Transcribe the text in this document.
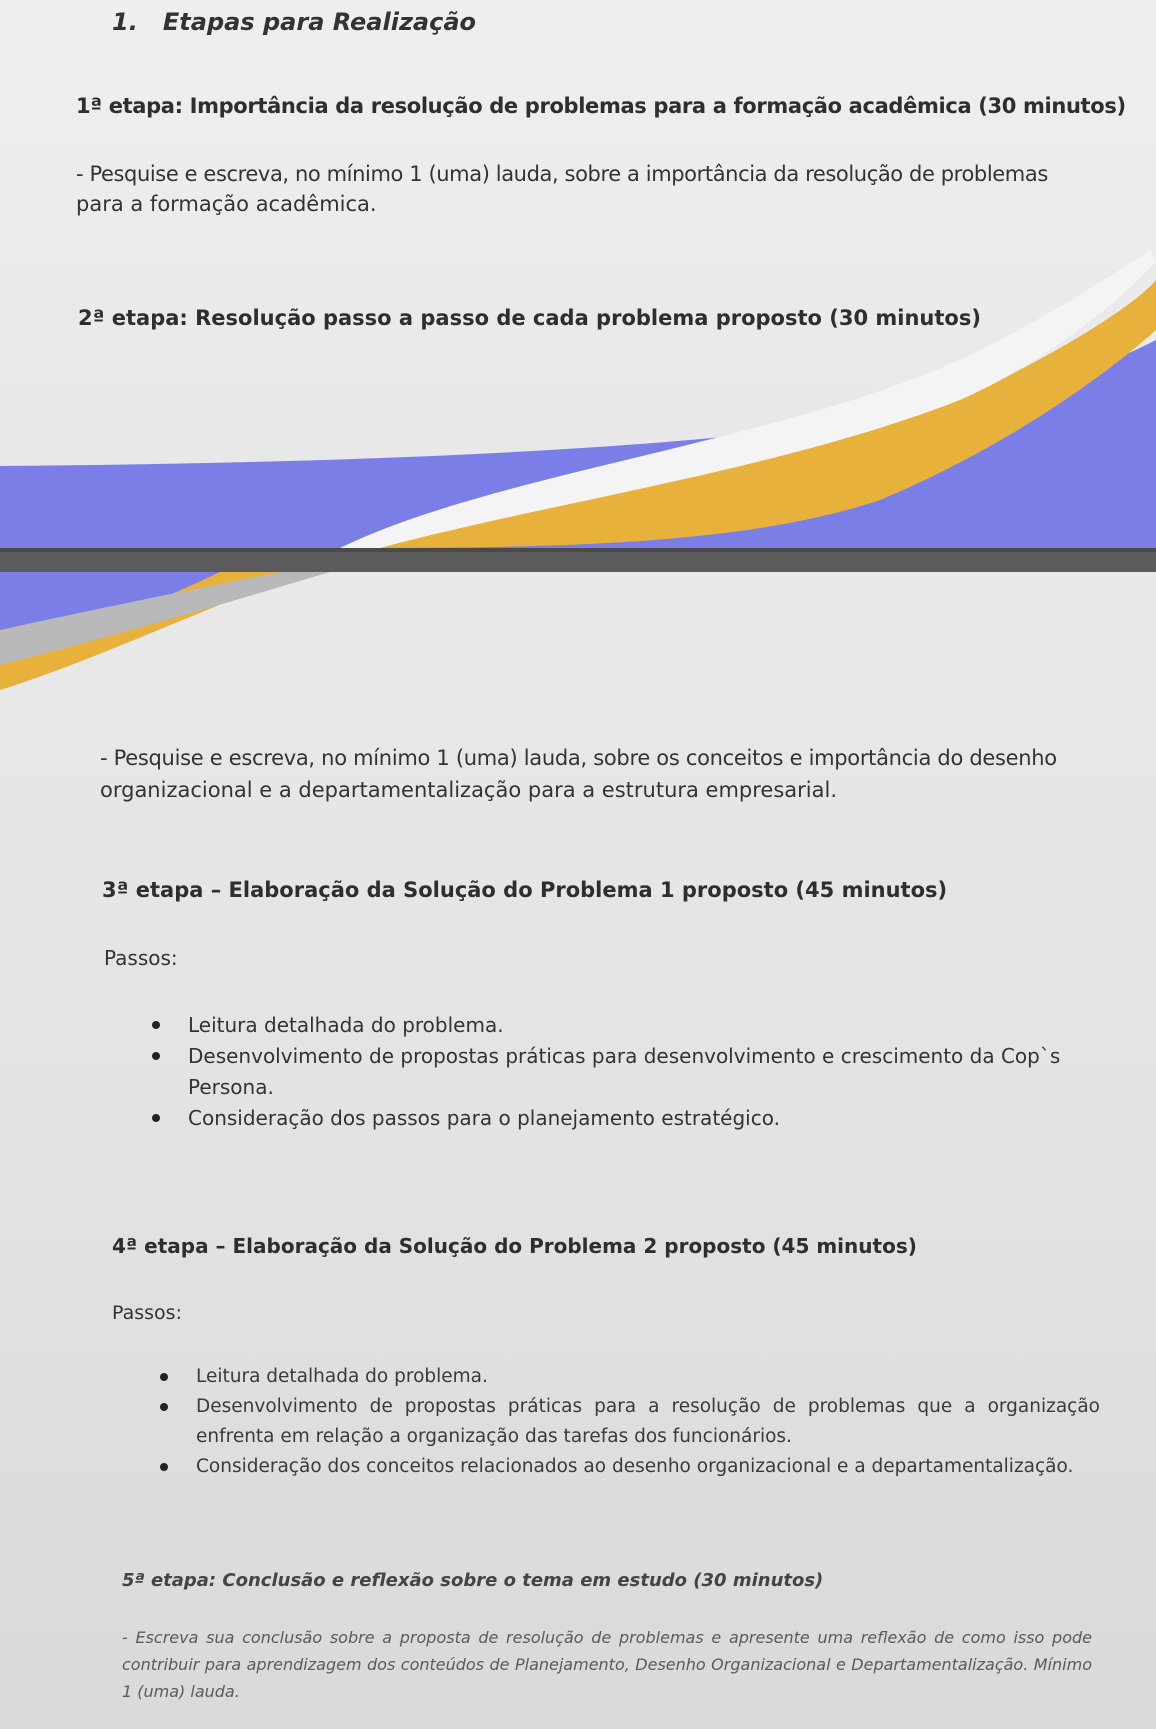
1. Etapas para Realização

1ª etapa: Importância da resolução de problemas para a formação acadêmica (30 minutos)

- Pesquise e escreva, no mínimo 1 (uma) lauda, sobre a importância da resolução de problemas

para a formação acadêmica.

2ª etapa: Resolução passo a passo de cada problema proposto (30 minutos)

- Pesquise e escreva, no mínimo 1 (uma) lauda, sobre os conceitos e importância do desenho

organizacional e a departamentalização para a estrutura empresarial.

3ª etapa – Elaboração da Solução do Problema 1 proposto (45 minutos)

Passos:

Leitura detalhada do problema.
Desenvolvimento de propostas práticas para desenvolvimento e crescimento da Cop`s Persona.
Consideração dos passos para o planejamento estratégico.

4ª etapa – Elaboração da Solução do Problema 2 proposto (45 minutos)

Passos:

Leitura detalhada do problema.
Desenvolvimento de propostas práticas para a resolução de problemas que a organização enfrenta em relação a organização das tarefas dos funcionários.
Consideração dos conceitos relacionados ao desenho organizacional e a departamentalização.

5ª etapa: Conclusão e reflexão sobre o tema em estudo (30 minutos)

- Escreva sua conclusão sobre a proposta de resolução de problemas e apresente uma reflexão de como isso pode contribuir para aprendizagem dos conteúdos de Planejamento, Desenho Organizacional e Departamentalização. Mínimo 1 (uma) lauda.
